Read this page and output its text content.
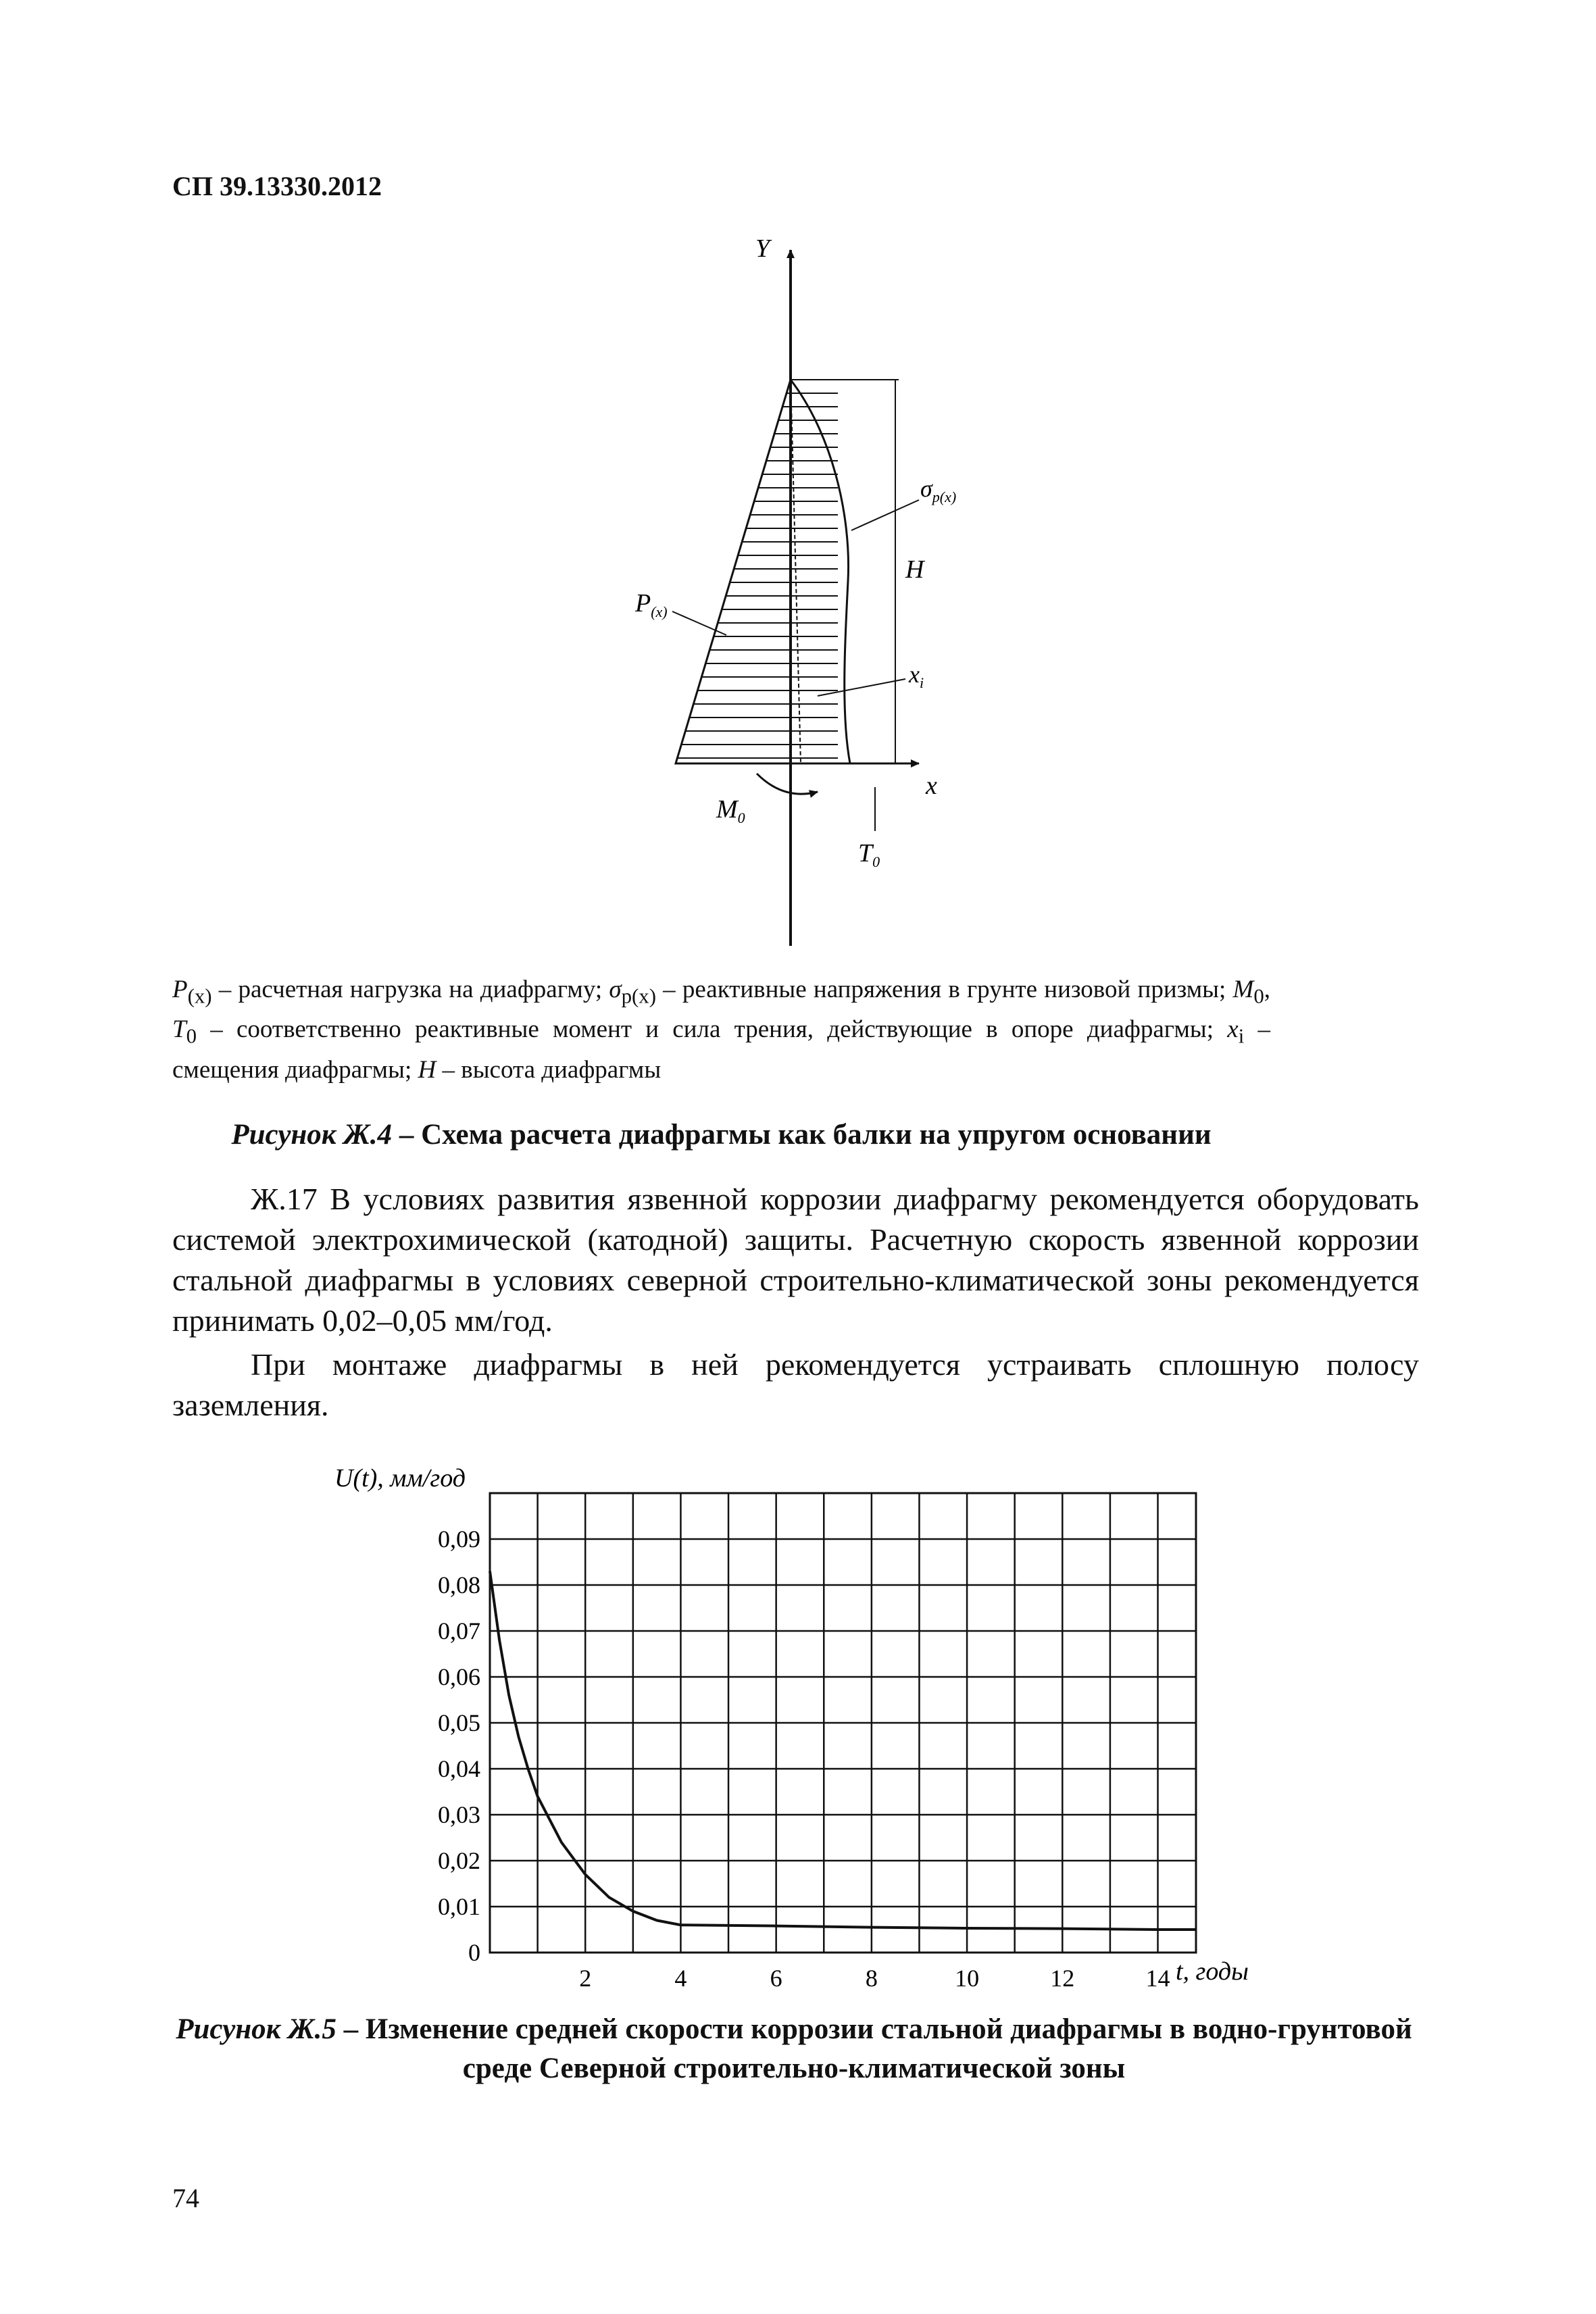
СП 39.13330.2012
Y
x
$\sigma_{p(x)}$
H
$P_{(x)}$
$x_i$
$M_0$
$T_0$
$P_{(x)}$ – расчетная нагрузка на диафрагму; $\sigma_{p(x)}$ – реактивные напряжения в грунте низовой призмы; $M_0$, $T_0$ – соответственно реактивные момент и сила трения, действующие в опоре диафрагмы; $x_i$ – смещения диафрагмы; H – высота диафрагмы
Рисунок Ж.4 – Схема расчета диафрагмы как балки на упругом основании
Ж.17 В условиях развития язвенной коррозии диафрагму рекомендуется оборудовать системой электрохимической (катодной) защиты. Расчетную скорость язвенной коррозии стальной диафрагмы в условиях северной строительно-климатической зоны рекомендуется принимать 0,02–0,05 мм/год.
При монтаже диафрагмы в ней рекомендуется устраивать сплошную полосу заземления.
0
0,01
0,02
0,03
0,04
0,05
0,06
0,07
0,08
0,09
2	4	6	8	10	12	14
U(t), мм/год
t, годы
Рисунок Ж.5 – Изменение средней скорости коррозии стальной диафрагмы в водно-грунтовой среде Северной строительно-климатической зоны
74
